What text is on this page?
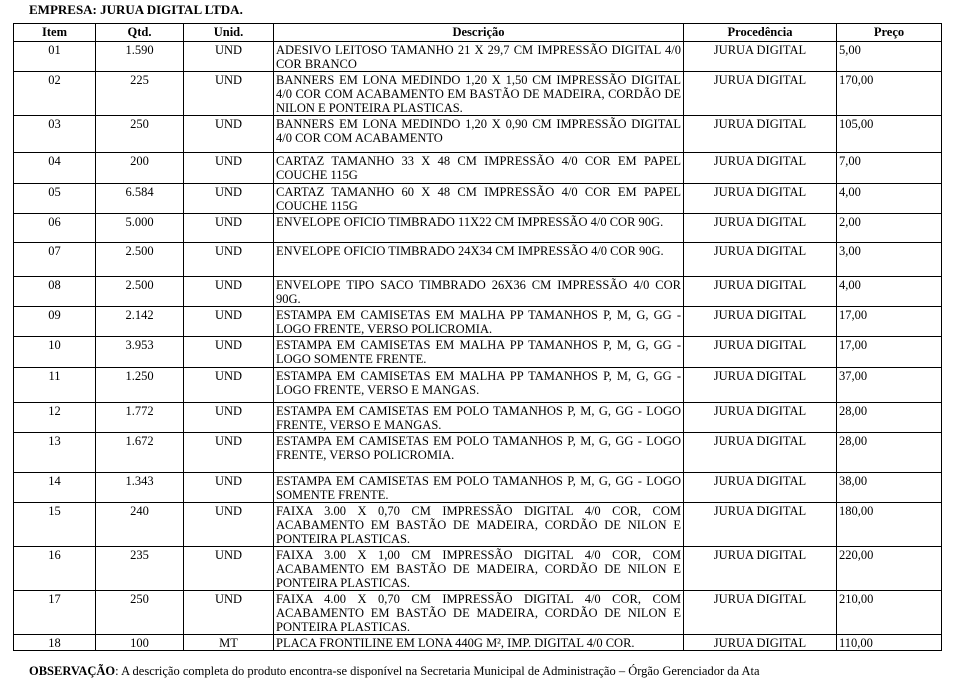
EMPRESA: JURUA DIGITAL LTDA.
Item	Qtd.	Unid.	Descrição	Procedência	Preço
01	1.590	UND	ADESIVO LEITOSO TAMANHO 21 X 29,7 CM IMPRESSÃO DIGITAL 4/0 COR BRANCO	JURUA DIGITAL	5,00
02	225	UND	BANNERS EM LONA MEDINDO 1,20 X 1,50 CM IMPRESSÃO DIGITAL 4/0 COR COM ACABAMENTO EM BASTÃO DE MADEIRA, CORDÃO DE NILON E PONTEIRA PLASTICAS.	JURUA DIGITAL	170,00
03	250	UND	BANNERS EM LONA MEDINDO 1,20 X 0,90 CM IMPRESSÃO DIGITAL 4/0 COR COM ACABAMENTO	JURUA DIGITAL	105,00
04	200	UND	CARTAZ TAMANHO 33 X 48 CM IMPRESSÃO 4/0 COR EM PAPEL COUCHE 115G	JURUA DIGITAL	7,00
05	6.584	UND	CARTAZ TAMANHO 60 X 48 CM IMPRESSÃO 4/0 COR EM PAPEL COUCHE 115G	JURUA DIGITAL	4,00
06	5.000	UND	ENVELOPE OFICIO TIMBRADO 11X22 CM IMPRESSÃO 4/0 COR 90G.	JURUA DIGITAL	2,00
07	2.500	UND	ENVELOPE OFICIO TIMBRADO 24X34 CM IMPRESSÃO 4/0 COR 90G.	JURUA DIGITAL	3,00
08	2.500	UND	ENVELOPE TIPO SACO TIMBRADO 26X36 CM IMPRESSÃO 4/0 COR 90G.	JURUA DIGITAL	4,00
09	2.142	UND	ESTAMPA EM CAMISETAS EM MALHA PP TAMANHOS P, M, G, GG - LOGO FRENTE, VERSO POLICROMIA.	JURUA DIGITAL	17,00
10	3.953	UND	ESTAMPA EM CAMISETAS EM MALHA PP TAMANHOS P, M, G, GG - LOGO SOMENTE FRENTE.	JURUA DIGITAL	17,00
11	1.250	UND	ESTAMPA EM CAMISETAS EM MALHA PP TAMANHOS P, M, G, GG - LOGO FRENTE, VERSO E MANGAS.	JURUA DIGITAL	37,00
12	1.772	UND	ESTAMPA EM CAMISETAS EM POLO TAMANHOS P, M, G, GG - LOGO FRENTE, VERSO E MANGAS.	JURUA DIGITAL	28,00
13	1.672	UND	ESTAMPA EM CAMISETAS EM POLO TAMANHOS P, M, G, GG - LOGO FRENTE, VERSO POLICROMIA.	JURUA DIGITAL	28,00
14	1.343	UND	ESTAMPA EM CAMISETAS EM POLO TAMANHOS P, M, G, GG - LOGO SOMENTE FRENTE.	JURUA DIGITAL	38,00
15	240	UND	FAIXA 3.00 X 0,70 CM IMPRESSÃO DIGITAL 4/0 COR, COM ACABAMENTO EM BASTÃO DE MADEIRA, CORDÃO DE NILON E PONTEIRA PLASTICAS.	JURUA DIGITAL	180,00
16	235	UND	FAIXA 3.00 X 1,00 CM IMPRESSÃO DIGITAL 4/0 COR, COM ACABAMENTO EM BASTÃO DE MADEIRA, CORDÃO DE NILON E PONTEIRA PLASTICAS.	JURUA DIGITAL	220,00
17	250	UND	FAIXA 4.00 X 0,70 CM IMPRESSÃO DIGITAL 4/0 COR, COM ACABAMENTO EM BASTÃO DE MADEIRA, CORDÃO DE NILON E PONTEIRA PLASTICAS.	JURUA DIGITAL	210,00
18	100	MT	PLACA FRONTILINE EM LONA 440G M², IMP. DIGITAL 4/0 COR.	JURUA DIGITAL	110,00
OBSERVAÇÃO: A descrição completa do produto encontra-se disponível na Secretaria Municipal de Administração – Órgão Gerenciador da Ata
